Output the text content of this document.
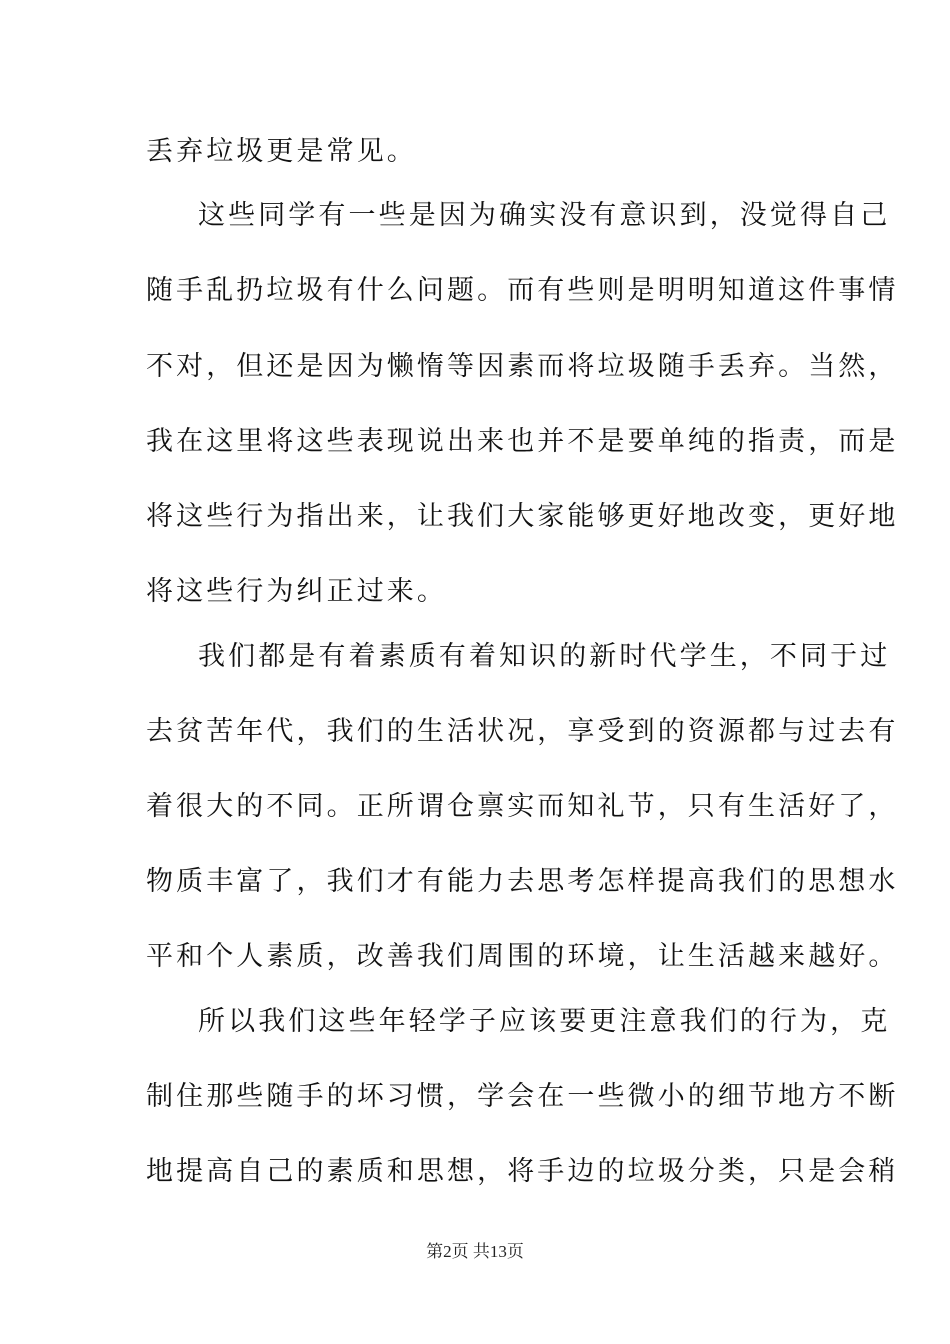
丢弃垃圾更是常见。
这些同学有一些是因为确实没有意识到，没觉得自己
随手乱扔垃圾有什么问题。而有些则是明明知道这件事情
不对，但还是因为懒惰等因素而将垃圾随手丢弃。当然，
我在这里将这些表现说出来也并不是要单纯的指责，而是
将这些行为指出来，让我们大家能够更好地改变，更好地
将这些行为纠正过来。
我们都是有着素质有着知识的新时代学生，不同于过
去贫苦年代，我们的生活状况，享受到的资源都与过去有
着很大的不同。正所谓仓禀实而知礼节，只有生活好了，
物质丰富了，我们才有能力去思考怎样提高我们的思想水
平和个人素质，改善我们周围的环境，让生活越来越好。
所以我们这些年轻学子应该要更注意我们的行为，克
制住那些随手的坏习惯，学会在一些微小的细节地方不断
地提高自己的素质和思想，将手边的垃圾分类，只是会稍
第2页 共13页
